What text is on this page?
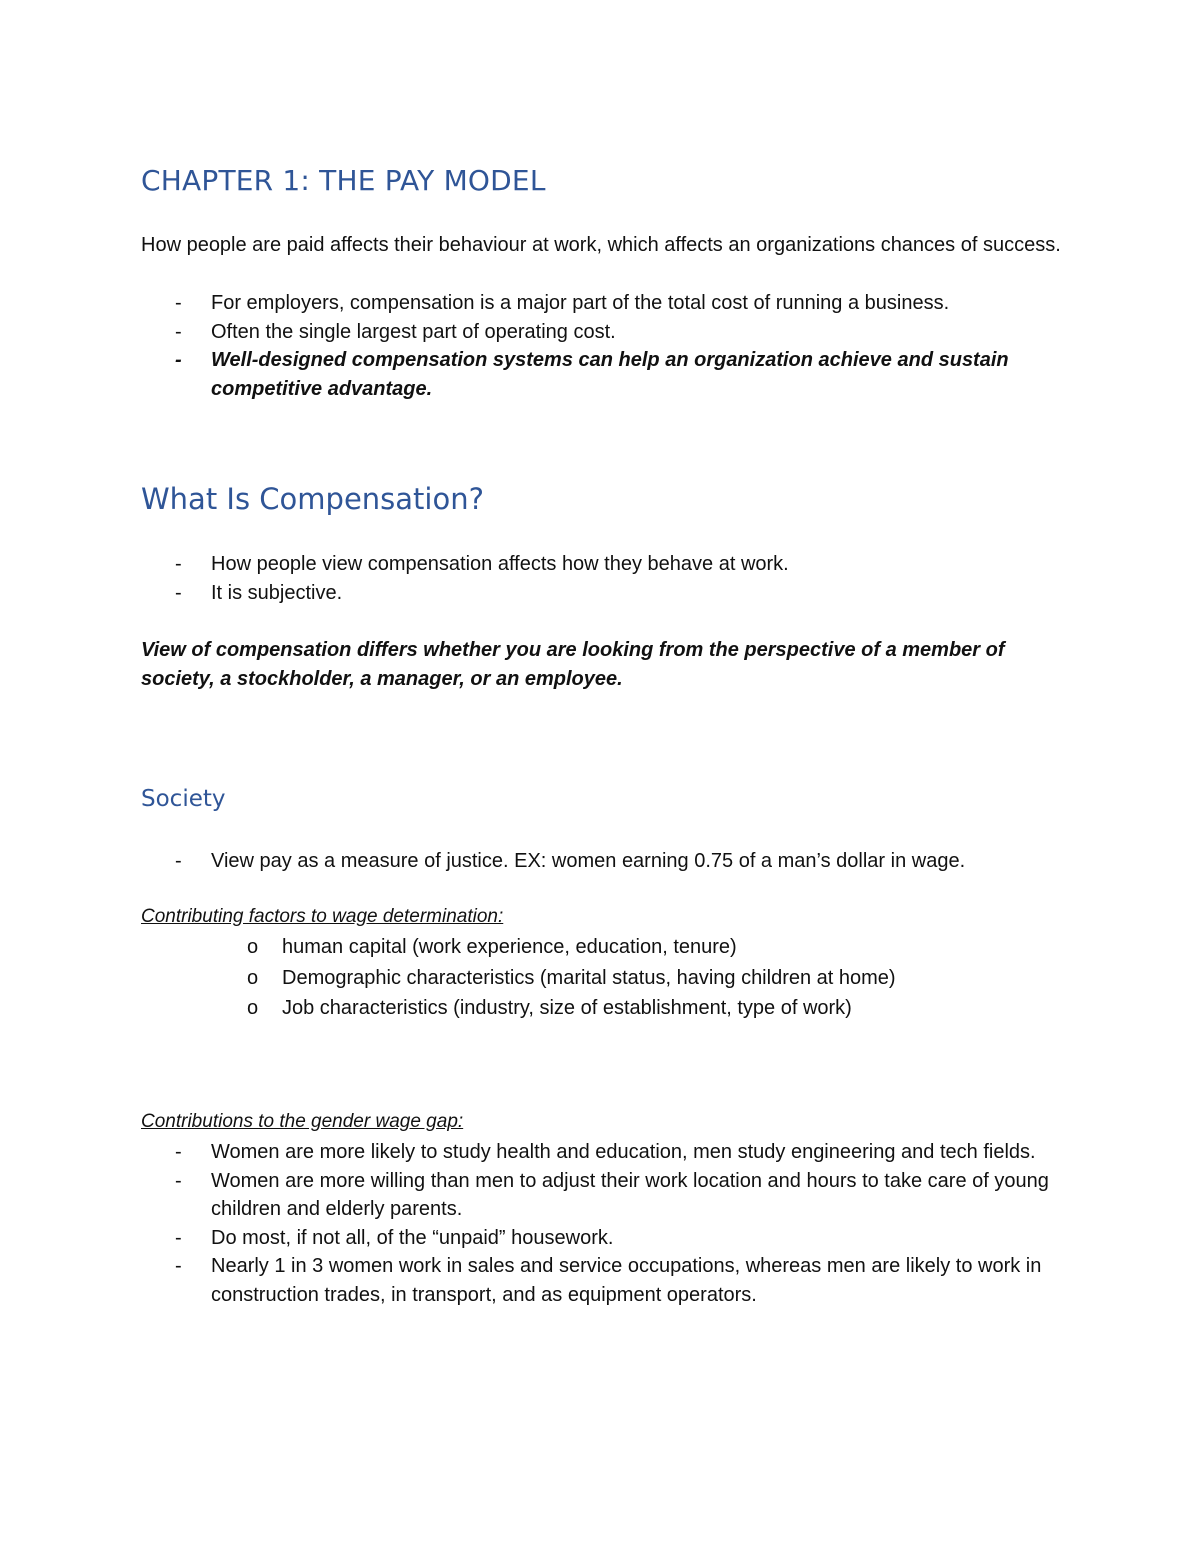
CHAPTER 1: THE PAY MODEL
How people are paid affects their behaviour at work, which affects an organizations chances of success.
- For employers, compensation is a major part of the total cost of running a business.
- Often the single largest part of operating cost.
- Well-designed compensation systems can help an organization achieve and sustain competitive advantage.
What Is Compensation?
- How people view compensation affects how they behave at work.
- It is subjective.
View of compensation differs whether you are looking from the perspective of a member of society, a stockholder, a manager, or an employee.
Society
- View pay as a measure of justice. EX: women earning 0.75 of a man’s dollar in wage.
Contributing factors to wage determination:
o human capital (work experience, education, tenure)
o Demographic characteristics (marital status, having children at home)
o Job characteristics (industry, size of establishment, type of work)
Contributions to the gender wage gap:
- Women are more likely to study health and education, men study engineering and tech fields.
- Women are more willing than men to adjust their work location and hours to take care of young children and elderly parents.
- Do most, if not all, of the “unpaid” housework.
- Nearly 1 in 3 women work in sales and service occupations, whereas men are likely to work in construction trades, in transport, and as equipment operators.
